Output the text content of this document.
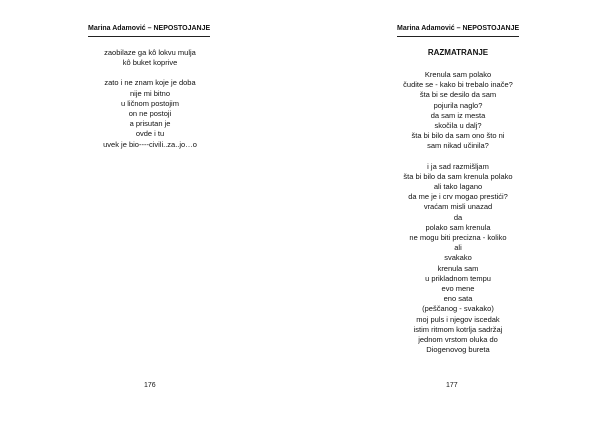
Marina Adamović – NEPOSTOJANJE
zaobilaze ga kô lokvu mulja
kô buket koprive
zato i ne znam koje je doba
nije mi bitno
u ličnom postojim
on ne postoji
a prisutan je
ovde i tu
uvek je bio----civili..za..jo…o
176
Marina Adamović – NEPOSTOJANJE
RAZMATRANJE
Krenula sam polako
čudite se - kako bi trebalo inače?
šta bi se desilo da sam
pojurila naglo?
da sam iz mesta
skočila u dalj?
šta bi bilo da sam ono što ni
sam nikad učinila?
i ja sad razmišljam
šta bi bilo da sam krenula polako
ali tako lagano
da me je i crv mogao prestići?
vraćam misli unazad
da
polako sam krenula
ne mogu biti precizna - koliko
ali
svakako
krenula sam
u prikladnom tempu
evo mene
eno sata
(peščanog - svakako)
moj puls i njegov iscedak
istim ritmom kotrlja sadržaj
jednom vrstom oluka do
Diogenovog bureta
177
